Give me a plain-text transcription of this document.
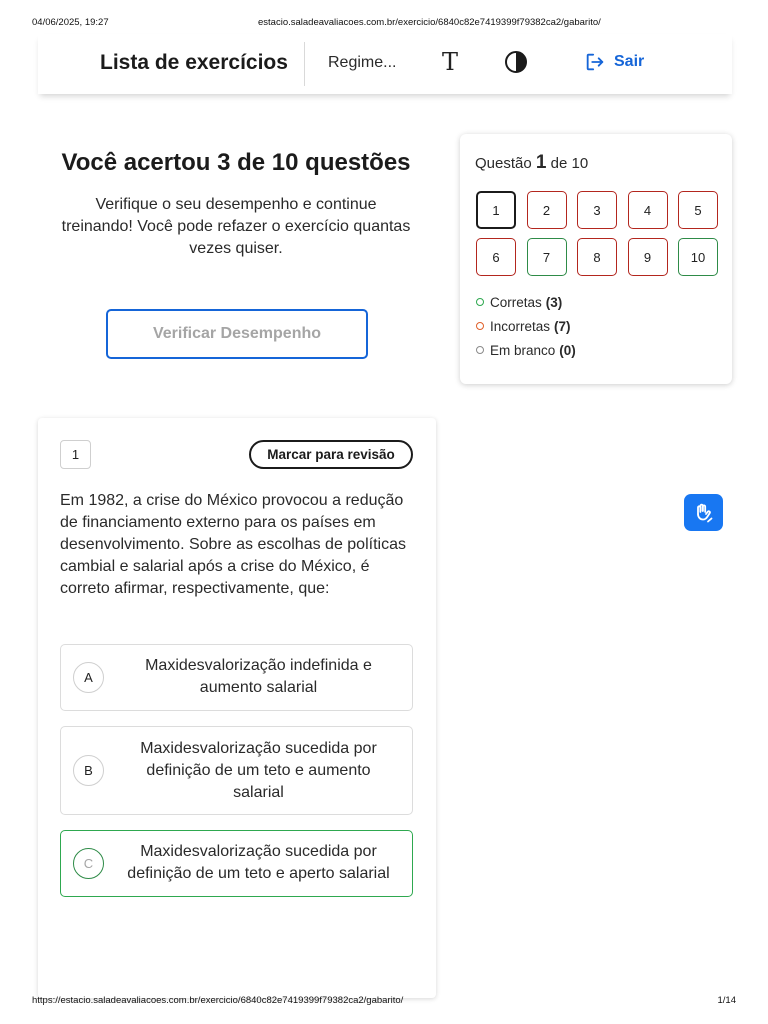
04/06/2025, 19:27	estacio.saladeavaliacoes.com.br/exercicio/6840c82e7419399f79382ca2/gabarito/
Lista de exercícios	Regime... T	Sair
Você acertou 3 de 10 questões

Verifique o seu desempenho e continue treinando! Você pode refazer o exercício quantas vezes quiser.

Verificar Desempenho
Questão 1 de 10
1	2	3	4	5
6	7	8	9	10
Corretas (3)
Incorretas (7)
Em branco (0)
1	Marcar para revisão
Em 1982, a crise do México provocou a redução de financiamento externo para os países em desenvolvimento. Sobre as escolhas de políticas cambial e salarial após a crise do México, é correto afirmar, respectivamente, que:
A
Maxidesvalorização indefinida e aumento salarial
B
Maxidesvalorização sucedida por definição de um teto e aumento salarial
C
Maxidesvalorização sucedida por definição de um teto e aperto salarial
https://estacio.saladeavaliacoes.com.br/exercicio/6840c82e7419399f79382ca2/gabarito/	1/14
